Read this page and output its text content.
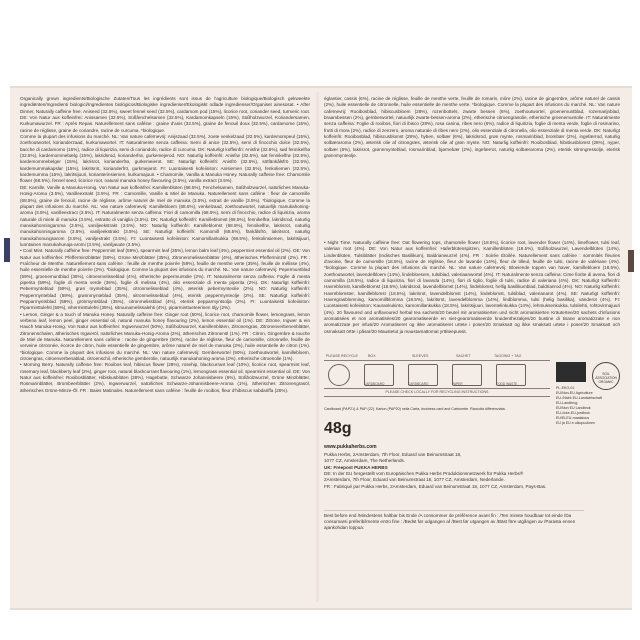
Organically grown ingredients/Biologische Zutaten/Tous les ingrédients sont issus de l'agriculture biologique/Biologisch gekweekte ingrediënten/Ingredienti biologici/Ingredientes biológicos/Biologiske ingredienser/Ekologiskt odlade ingredienser/Organiset ainesosat. • After Dinner, Naturally caffeine free: Aniseed (32.5%), sweet fennel seed (32.5%), cardamom pod (15%), licorice root, coriander seed, turmeric root. DE: Von Natur aus koffeinfrei: Anissamen (32.5%), Süßfenchelsamen (32.5%), Kardamomkapseln (15%), Süßholzwurzel, Koriandersamen, Kurkumawurzel. FR : Après Repas. Naturellement sans caféine : graine d'anis (32.5%), graine de fenouil doux (32.5%), cardamome (15%), racine de réglisse, graine de coriandre, racine de curcuma. *biologique.

Comme la plupart des infusions du marché. NL: Van nature cafeïnevrij: Anijszaad (32.5%), zoete venkelzaad (32.5%), kardemompeul (15%), zoethoutwortel, korianderzaad, kurkumawortel. IT: Naturalmente senza caffeina: Semi di anice (32.5%), semi di finocchio dolce (32.5%), bacche di cardamomo (15%), radice di liquirizia, semi di coriandolo, radice di curcuma. DK: Naturligt koffeinfri: Anisfrø (32.5%), sød fennikelfrø (32.5%), kardemommebælg (15%), lakridsrod, korianderfrø, gurkemejerod. NO: Naturlig koffeinfri: Anisfrø (32.5%), søt fennikelfrø (32.5%), kardemommebelger (15%), lakrisrot, korianderfrø, gurkemeierot. SE: Naturligt koffeinfri: Anisfrö (32.5%), sötfänkålsfrö (32.5%), kardemummakapslar (15%), lakritsrot, korianderfrö, gurkmejarot. FI: Luontaisesti kofeiiniton: Anisiemen (32.5%), fenkoliemen (32.5%), kardemumma (15%), lakritsijuuri, korianterinsiemen, kurkumajuuri. • Chamomile, Vanilla & Manuka Honey. Naturally caffeine free: Chamomile flower (68.5%), fennel seed, licorice root, natural manuka honey flavouring (3.5%), vanilla extract (3.5%).

DE: Kamille, Vanille & Manuka-Honig. Von Natur aus koffeinfrei: Kamillenblüten (68.5%), Fenchelsamen, Süßholzwurzel, natürliches Manuka-Honig-Aroma (3.5%), Vanilleextrakt (3.5%). FR : Camomille, Vanille & Miel de Manuka. Naturellement sans caféine : fleur de camomille (68.5%), graine de fenouil, racine de réglisse, arôme naturel de miel de manuka (3.5%), extrait de vanille (3.5%). *biologique. Comme la plupart des infusions du marché. NL: Van nature cafeïnevrij: Kamillebloem (68.5%), venkelzaad, zoethoutwortel, natuurlijk manukahoning-aroma (3.5%), vanilleextract (3.5%). IT: Naturalmente senza caffeina: Fiori di camomilla (68.5%), semi di finocchio, radice di liquirizia, aroma naturale di miele di manuka (3.5%), estratto di vaniglia (3.5%). DK: Naturligt koffeinfri: Kamilleblomst (68.5%), fennikelfrø, lakridsrod, naturlig manukahonningaroma (3.5%), vaniljeekstrakt (3.5%). NO: Naturlig koffeinfri: Kamilleblomst (68.5%), fennikelfrø, lakrisrot, naturlig manukahonningaroma (3.5%), vaniljeekstrakt (3.5%). SE: Naturligt koffeinfri: Kamomill (68.5%), fänkålsfrö, lakritsrot, naturlig manukahonungsarom (3.5%), vaniljextrakt (3.5%). FI: Luontaisesti kofeiiniton: Kamomillankukka (68.5%), fenkolinsiemen, lakritsijuuri, luontainen manukahunaja-aromi (3.5%), vaniljauute (3.5%).

• Cool Mint. Naturally caffeine free: Peppermint leaf (59%), spearmint leaf (35%), lemon balm leaf (4%), peppermint essential oil (2%). DE: Von Natur aus koffeinfrei: Pfefferminzblätter (59%), Grüne Minzblätter (35%), Zitronenmelissenblätter (4%), ätherisches Pfefferminzöl (2%). FR : Fraîcheur de Menthe. Naturellement sans caféine : feuille de menthe poivrée (59%), feuille de menthe verte (35%), feuille de mélisse (4%), huile essentielle de menthe poivrée (2%). *biologique. Comme la plupart des infusions du marché. NL: Van nature cafeïnevrij: Pepermuntblad (59%), groenemuntblad (35%), citroenmelisseblad (4%), etherische pepermuntolie (2%). IT: Naturalmente senza caffeina: Foglie di menta piperita (59%), foglie di menta verde (35%), foglie di melissa (4%), olio essenziale di menta piperita (2%). DK: Naturligt koffeinfri: Pebermynteblad (59%), grøn mynteblad (35%), citronmelisseblad (4%), æterisk pebermynteolie (2%). NO: Naturlig koffeinfri: Peppermynteblad (59%), grønnmynteblad (35%), sitronmelisseblad (4%), eterisk peppermynteolje (2%). SE: Naturligt koffeinfri: Pepparmyntsblad (59%), grönmyntsblad (35%), citronmelissblad (4%), eterisk pepparmyntsolja (2%). FI: Luontaisesti kofeiiniton: Piparminttulehti (59%), viherminttulehti (35%), sitruunamelissalehti (4%), piparminttueteerinen öljy (2%).

• Lemon, Ginger & a touch of Manuka Honey. Naturally caffeine free: Ginger root (50%), licorice root, chamomile flower, lemongrass, lemon verbena leaf, lemon peel, ginger essential oil, natural manuka honey flavouring (2%), lemon essential oil (1%). DE: Zitrone, Ingwer & ein Hauch Manuka-Honig. Von Natur aus koffeinfrei: Ingwerwurzel (50%), Süßholzwurzel, Kamillenblüten, Zitronengras, Zitronenverbenenblätter, Zitronenschalen, ätherisches Ingweröl, natürliches Manuka-Honig-Aroma (2%), ätherisches Zitronenöl (1%). FR : Citron, Gingembre & touche de Miel de Manuka. Naturellement sans caféine : racine de gingembre (50%), racine de réglisse, fleur de camomille, citronnelle, feuille de verveine citronnée, écorce de citron, huile essentielle de gingembre, arôme naturel de miel de manuka (2%), huile essentielle de citron (1%). *biologique. Comme la plupart des infusions du marché. NL: Van nature cafeïnevrij: Gemberwortel (50%), zoethoutwortel, kamillebloem, citroengras, citroenverbenablad, citroenschil, etherische gemberolie, natuurlijk manukahoning-aroma (2%), etherische citroenolie (1%).

• Morning Berry. Naturally caffeine free: Rooibos leaf, hibiscus flower (28%), rosehip, blackcurrant leaf (10%), licorice root, spearmint leaf, rosemary leaf, blackberry leaf (2%), ginger root, natural blackcurrant flavouring (1%), lemongrass essential oil, spearmint essential oil. DE: Von Natur aus koffeinfrei: Rooibosblätter, Hibiskusblüten (28%), Hagebutte, Schwarze Johannisbeere (6%), Süßholzwurzel, Grüne Minzblätter, Rosmarinblätter, Brombeerblätter (2%), Ingwerwurzel, natürliches Schwarze-Johannisbeere-Aroma (1%), ätherisches Zitronengrasöl, ätherisches Grüne-Minze-Öl. FR : Baies Matinales. Naturellement sans caféine : feuille de rooibos, fleur d'hibiscus sabdariffa (28%).

églantier, cassis (6%), racine de réglisse, feuille de menthe verte, feuille de romarin, mûre (2%), racine de gingembre, arôme naturel de cassis (2%), huile essentielle de citronnelle, huile essentielle de menthe verte. *biologique. Comme la plupart des infusions du marché. NL: Van nature cafeïnevrij: Rooibosblad, hibiscusbloem (28%), rozenbottels, zwarte bessen (6%), zoethoutwortel, groenemuntblad, rozemarijnblad, braambessen (2%), gemberwortel, natuurlijk zwarte-bessen-aroma (2%), etherische citroengrasolie, etherische groenemuntolie. IT: Naturalmente senza caffeina: Foglie di rooibos, fiori di ibisco (28%), rosa canina, ribes nero (6%), radice di liquirizia, foglie di menta verde, foglie di rosmarino, frutti di mora (2%), radice di zenzero, aroma naturale di ribes nero (2%), olio essenziale di citronella, olio essenziale di menta verde. DK: Naturligt koffeinfri: Rooibosblad, hibiscusblomst (28%), hyben, solbær (6%), lakridsrod, grøn mynte, rosmarinblad, brombær (2%), ingefærrod, naturlig solbæraroma (2%), æterisk olie af citrongræs, æterisk olie af grøn mynte. NO: Naturlig koffeinfri: Rooibosblad, hibiskusblomst (28%), nyper, solbær (6%), lakrisrot, grønnmynteblad, rosmarinblad, bjørnebær (2%), ingefærrot, naturlig solbæraroma (2%), eterisk sitrongressolje, eterisk grønnmynteolje.

• Night Time. Naturally caffeine free: Oat flowering tops, chamomile flower (18.5%), licorice root, lavender flower (14%), limeflower, tulsi leaf, valerian root (4%). DE: Von Natur aus koffeinfrei: Haferblütenspitzen, Kamillenblüten (18.5%), Süßholzwurzel, Lavendelblüten (14%), Lindenblüten, Tulsiblätter (Indisches Basilikum), Baldrianwurzel (4%). FR : Soirée Étoilée. Naturellement sans caféine : sommités fleuries d'avoine, fleur de camomille (18.5%), racine de réglisse, fleur de lavande (14%), fleur de tilleul, feuille de tulsi, racine de valériane (4%). *biologique. Comme la plupart des infusions du marché. NL: Van nature cafeïnevrij: Bloeiende toppen van haver, kamillebloem (18.5%), zoethoutwortel, lavendelbloem (14%), lindebloesem, tulsiblad, valeriaanwortel (4%). IT: Naturalmente senza caffeina: Cime fiorite di avena, fiori di camomilla (18.5%), radice di liquirizia, fiori di lavanda (14%), fiori di tiglio, foglie di tulsi, radice di valeriana (4%). DK: Naturligt koffeinfri: Havreblomst, kamilleblomst (18.5%), lakridsrod, lavendelblomst (14%), lindeblomst, hellig basilikumblad, baldrianrod (4%). NO: Naturlig koffeinfri: Havreblomster, kamilleblomst (18.5%), lakrisrot, lavendelblomst (14%), lindeblomst, tulsiblad, valerianarot (4%). SE: Naturligt koffeinfri: Havregrasblomning, kamomillblomma (18.5%), lakritsrot, lavendelblomma (14%), lindblomma, tulsi (helig basilika), vänderot (4%). FI: Luontaisesti kofeiiniton: Kaurankukinto, kamomillankukka (18.5%), lakritsijuuri, laventelinkukka (14%), lehmuksenkukka, tulsilehti, rohtovirmajuuri (4%). 20 flavoured and unflavoured herbal tea sachets/20 beutel mit aromatisierten und nicht aromatisierten Kräutertee/20 sachets d'infusions aromatisées et non aromatisées/20 gearomatiseerde en niet-gearomatiseerde kruidenthezakjes/20 bustine di tisane aromatizzate e non aromatizzate per infusi/20 Aromatiseret og ikke aromatiseret urtete i poser/20 Smaksatt og ikke smaksatt urtete i poser/20 Smaksatt och osmaksatt örtte i påsar/20 Maustetut ja maustamattomat yrttiteepussit.

PLEASE RECYCLE	BOX	SLEEVES	SACHET	TAGGING + TAG
PLEASE CHECK LOCALLY FOR RECYCLING INSTRUCTIONS
CARDBOARD	CARDBOARD	PAPER	FOOD WASTE
Cardboard (PAP21) & PAP (22), Karton (PAP20) nella Carta, business card and Cartonette. Raccolta differenziata.
SOIL ASSOCIATION ORGANIC
PL-EKO-01
EU/Non-EU Agriculture
EU-/Nicht-EU-Landwirtschaft
EU-Landbrug
EU/Non EU Landbruk
EU-/icke-EU-jordbruk
EU/Ei-EU-maatalous
EU ja EU:n ulkopuolinen
48g
www.pukkaherbs.com
Pukka Herbs, 2Amsterdam, 7th Floor, Eduard van Beinumstraat 18,
1077 CZ, Amsterdam, The Netherlands.
UK: Freepost PUKKA HERBS
DE: In der EU hergestellt vom Europäischen Pukka Herbs Produktionsnetzwerk für Pukka Herbs®
2Amsterdam, 7th Floor, Eduard van Beinumstraat 18, 1077 CZ, Amsterdam, Nederlande.
FR : Fabriqué par Pukka Herbs, 2Amsterdam, Eduard van Beinumstraat 18, 1077 CZ, Amsterdam, Pays-Bas.
Best before end /Mindestens haltbar bis Ende /A consommer de préférence avant fin : /Ten minste houdbaar tot einde /Da consumarsi preferibilmente entro fine : /Bedst før udgangen af /Best før utgangen av /Bäst före utgången av /Parasta ennen ajankohdan loppua:
